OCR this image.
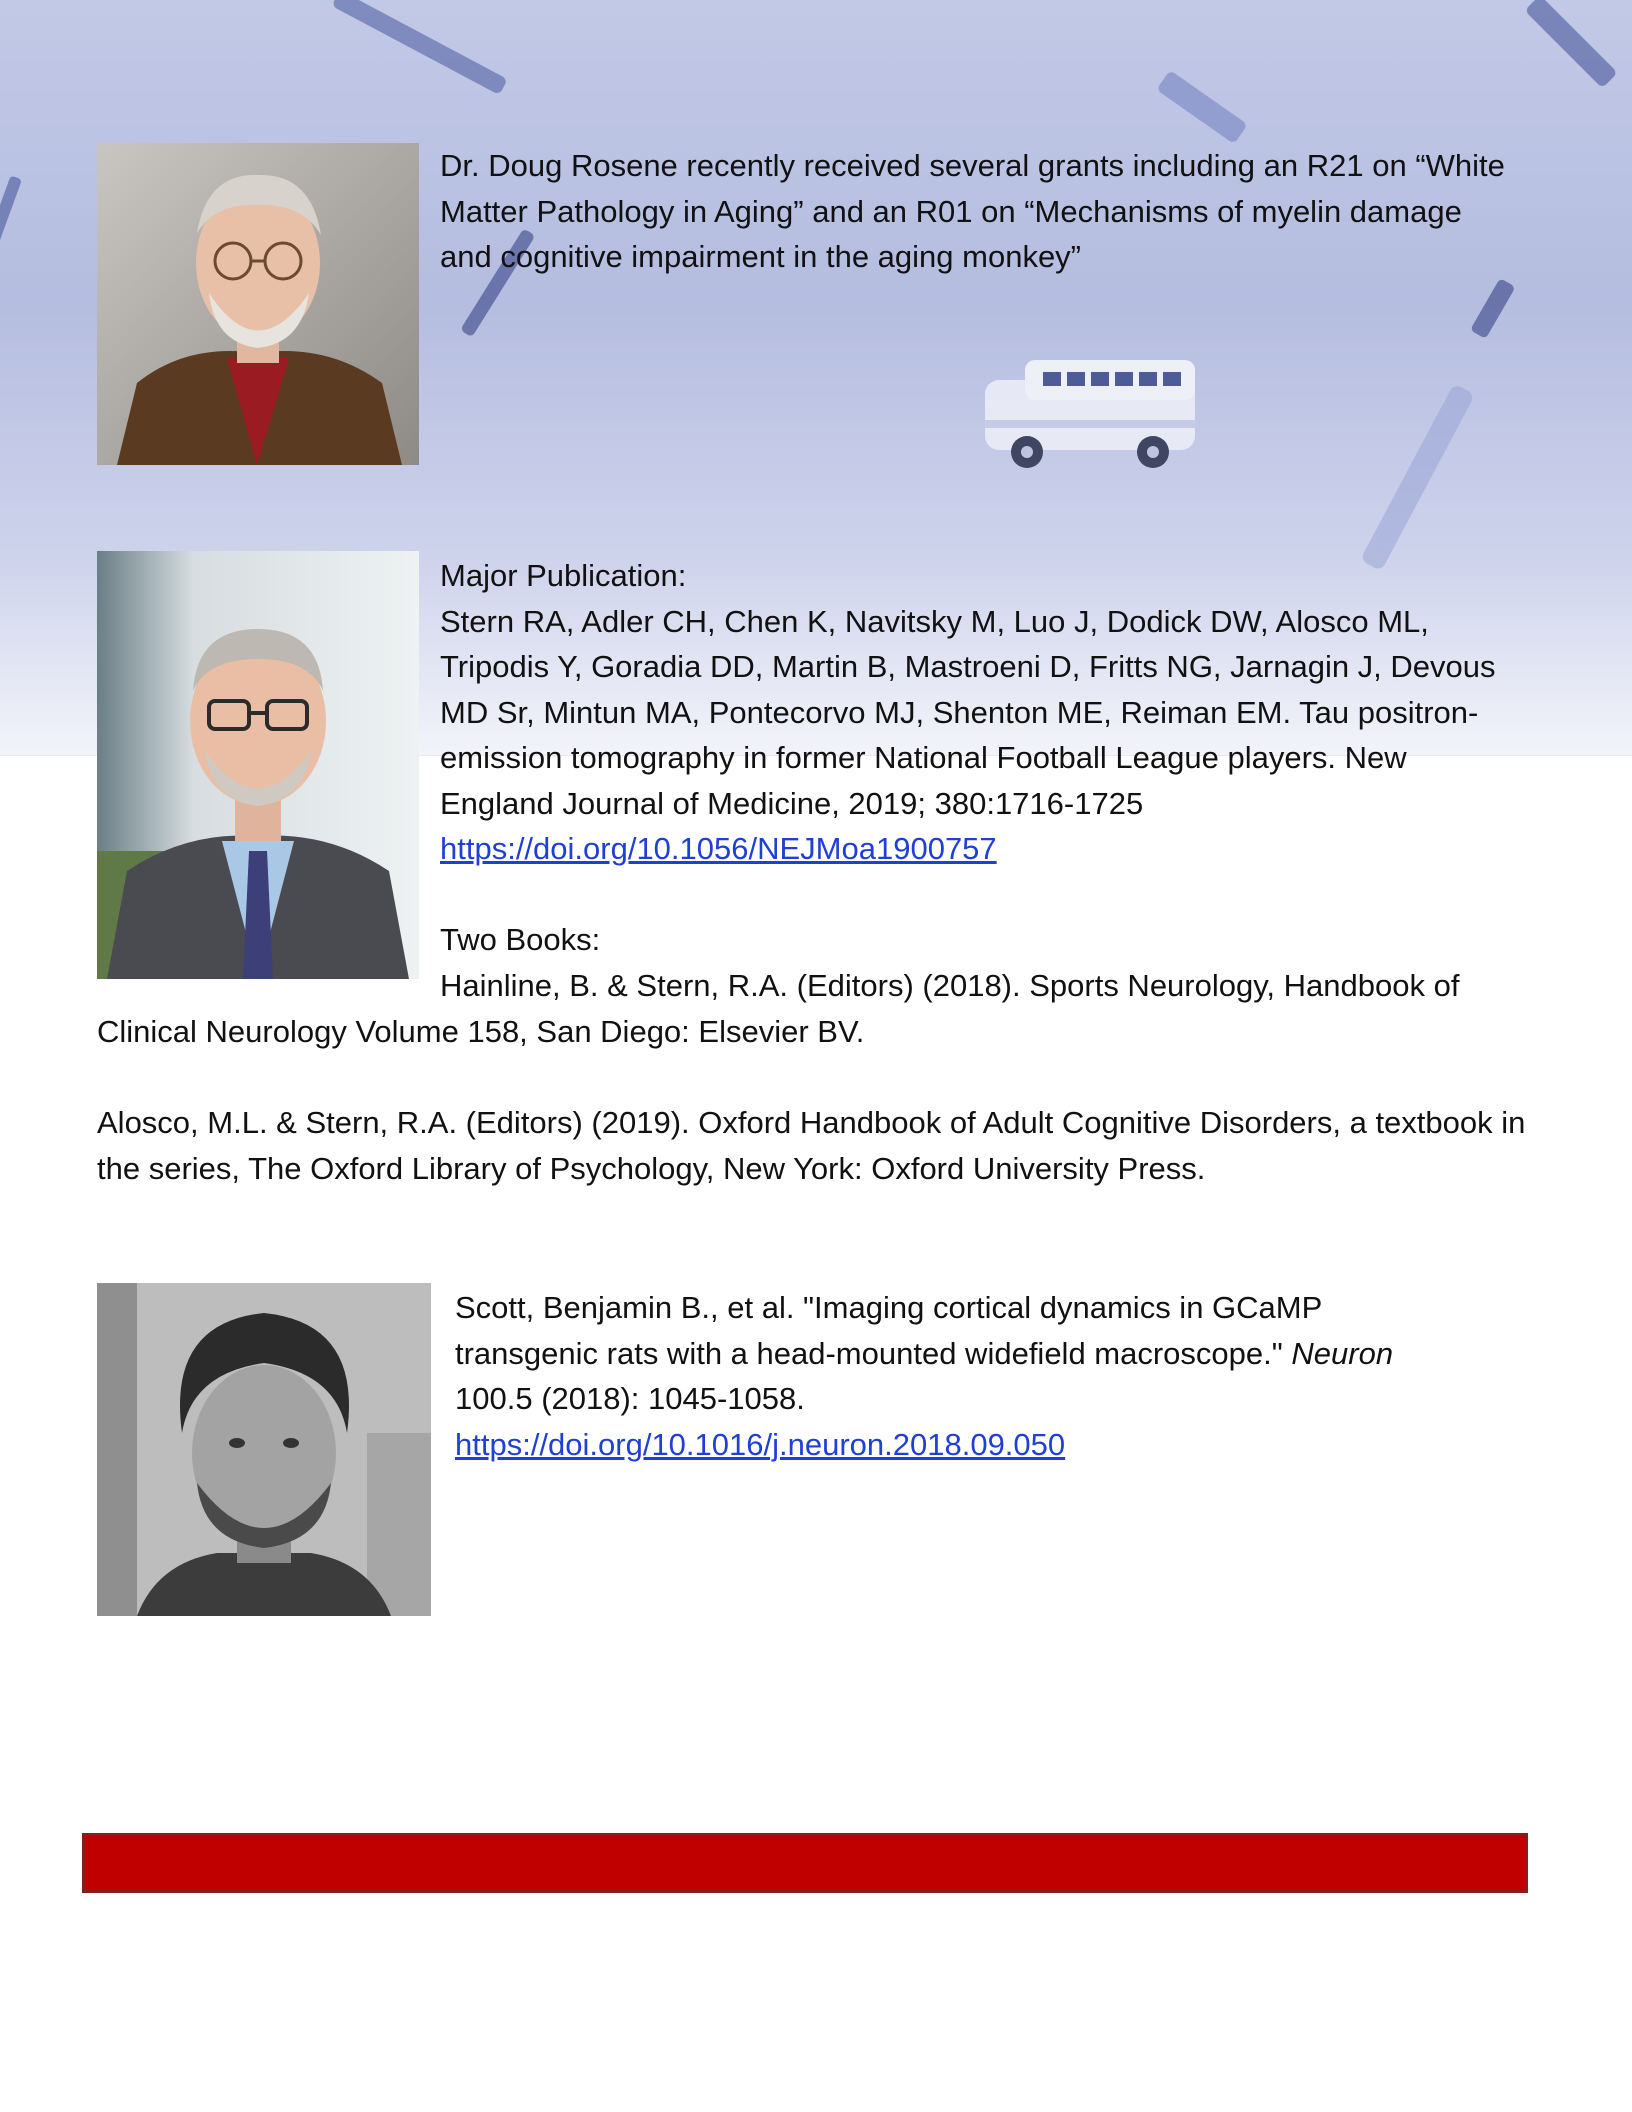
Dr. Doug Rosene recently received several grants including an R21 on “White Matter Pathology in Aging” and an R01 on “Mechanisms of myelin damage and cognitive impairment in the aging monkey”

Major Publication:

Stern RA, Adler CH, Chen K, Navitsky M, Luo J, Dodick DW, Alosco ML, Tripodis Y, Goradia DD, Martin B, Mastroeni D, Fritts NG, Jarnagin J, Devous MD Sr, Mintun MA, Pontecorvo MJ, Shenton ME, Reiman EM. Tau positron-emission tomography in former National Football League players. New England Journal of Medicine, 2019; 380:1716-1725

https://doi.org/10.1056/NEJMoa1900757

Two Books:

Hainline, B. & Stern, R.A. (Editors) (2018). Sports Neurology, Handbook of Clinical Neurology Volume 158, San Diego: Elsevier BV.

Alosco, M.L. & Stern, R.A. (Editors) (2019). Oxford Handbook of Adult Cognitive Disorders, a textbook in the series, The Oxford Library of Psychology, New York: Oxford University Press.

Scott, Benjamin B., et al. "Imaging cortical dynamics in GCaMP transgenic rats with a head-mounted widefield macroscope." Neuron 100.5 (2018): 1045-1058.

https://doi.org/10.1016/j.neuron.2018.09.050
